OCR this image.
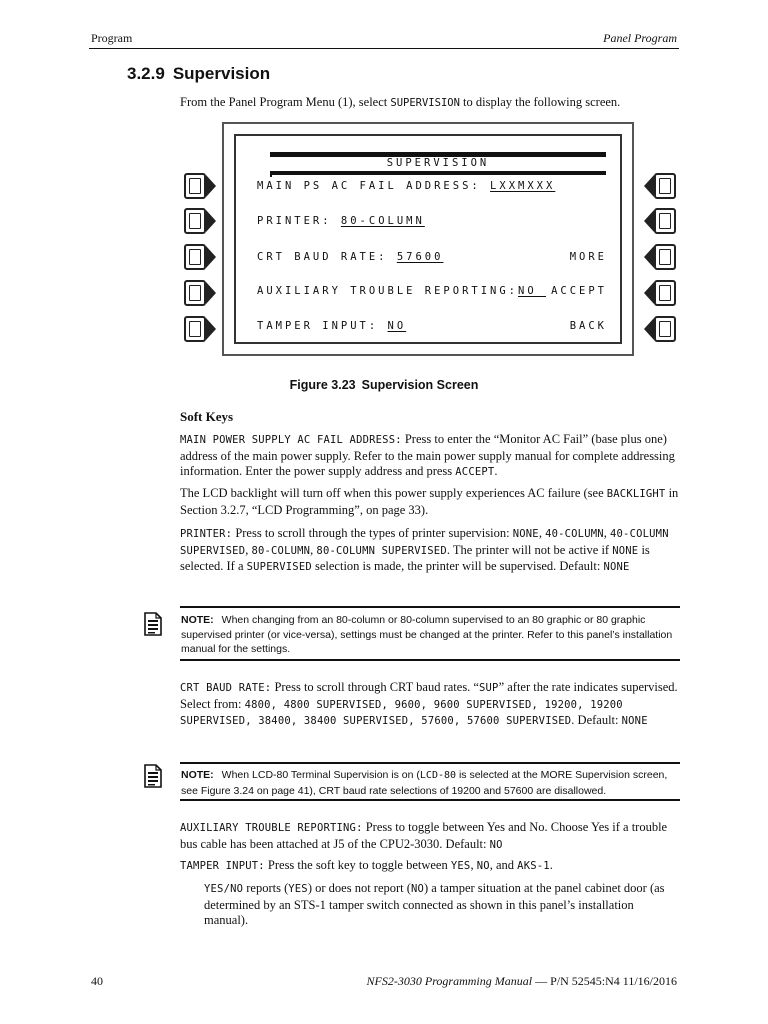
Program	Panel Program
3.2.9 Supervision
From the Panel Program Menu (1), select SUPERVISION to display the following screen.
SUPERVISION
MAIN PS AC FAIL ADDRESS: LXXMXXX
PRINTER: 80-COLUMN
CRT BAUD RATE: 57600
AUXILIARY TROUBLE REPORTING:NO
TAMPER INPUT: NO
MORE
ACCEPT
BACK
Figure 3.23 Supervision Screen
Soft Keys

MAIN POWER SUPPLY AC FAIL ADDRESS: Press to enter the “Monitor AC Fail” (base plus one) address of the main power supply. Refer to the main power supply manual for complete addressing information. Enter the power supply address and press ACCEPT.

The LCD backlight will turn off when this power supply experiences AC failure (see BACKLIGHT in Section 3.2.7, “LCD Programming”, on page 33).

PRINTER: Press to scroll through the types of printer supervision: NONE, 40-COLUMN, 40-COLUMN SUPERVISED, 80-COLUMN, 80-COLUMN SUPERVISED. The printer will not be active if NONE is selected. If a SUPERVISED selection is made, the printer will be supervised. Default: NONE

NOTE: When changing from an 80-column or 80-column supervised to an 80 graphic or 80 graphic supervised printer (or vice-versa), settings must be changed at the printer. Refer to this panel’s installation manual for the settings.

CRT BAUD RATE: Press to scroll through CRT baud rates. “SUP” after the rate indicates supervised. Select from: 4800, 4800 SUPERVISED, 9600, 9600 SUPERVISED, 19200, 19200 SUPERVISED, 38400, 38400 SUPERVISED, 57600, 57600 SUPERVISED. Default: NONE

NOTE: When LCD-80 Terminal Supervision is on (LCD-80 is selected at the MORE Supervision screen, see Figure 3.24 on page 41), CRT baud rate selections of 19200 and 57600 are disallowed.

AUXILIARY TROUBLE REPORTING: Press to toggle between Yes and No. Choose Yes if a trouble bus cable has been attached at J5 of the CPU2-3030. Default: NO

TAMPER INPUT: Press the soft key to toggle between YES, NO, and AKS-1.

YES/NO reports (YES) or does not report (NO) a tamper situation at the panel cabinet door (as determined by an STS-1 tamper switch connected as shown in this panel’s installation manual).

40	NFS2-3030 Programming Manual — P/N 52545:N4 11/16/2016
